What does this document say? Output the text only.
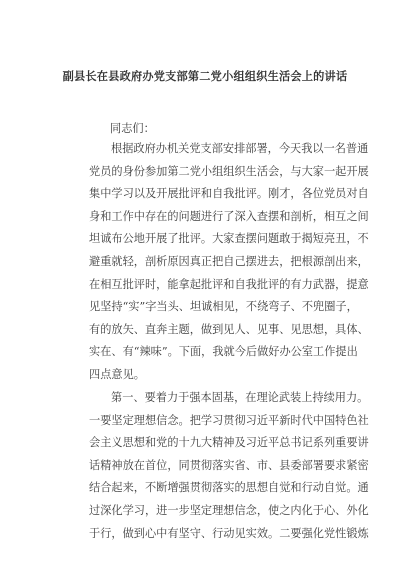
副县长在县政府办党支部第二党小组组织生活会上的讲话
同志们：
根据政府办机关党支部安排部署，今天我以一名普通
党员的身份参加第二党小组组织生活会，与大家一起开展
集中学习以及开展批评和自我批评。刚才，各位党员对自
身和工作中存在的问题进行了深入查摆和剖析，相互之间
坦诚布公地开展了批评。大家查摆问题敢于揭短亮丑，不
避重就轻，剖析原因真正把自己摆进去，把根源剖出来，
在相互批评时，能拿起批评和自我批评的有力武器，提意
见坚持“实”字当头、坦诚相见，不绕弯子、不兜圈子，
有的放矢、直奔主题，做到见人、见事、见思想，具体、
实在、有“辣味”。下面，我就今后做好办公室工作提出
四点意见。
第一、要着力于强本固基，在理论武装上持续用力。
一要坚定理想信念。把学习贯彻习近平新时代中国特色社
会主义思想和党的十九大精神及习近平总书记系列重要讲
话精神放在首位，同贯彻落实省、市、县委部署要求紧密
结合起来，不断增强贯彻落实的思想自觉和行动自觉。通
过深化学习，进一步坚定理想信念，使之内化于心、外化
于行，做到心中有坚守、行动见实效。二要强化党性锻炼
